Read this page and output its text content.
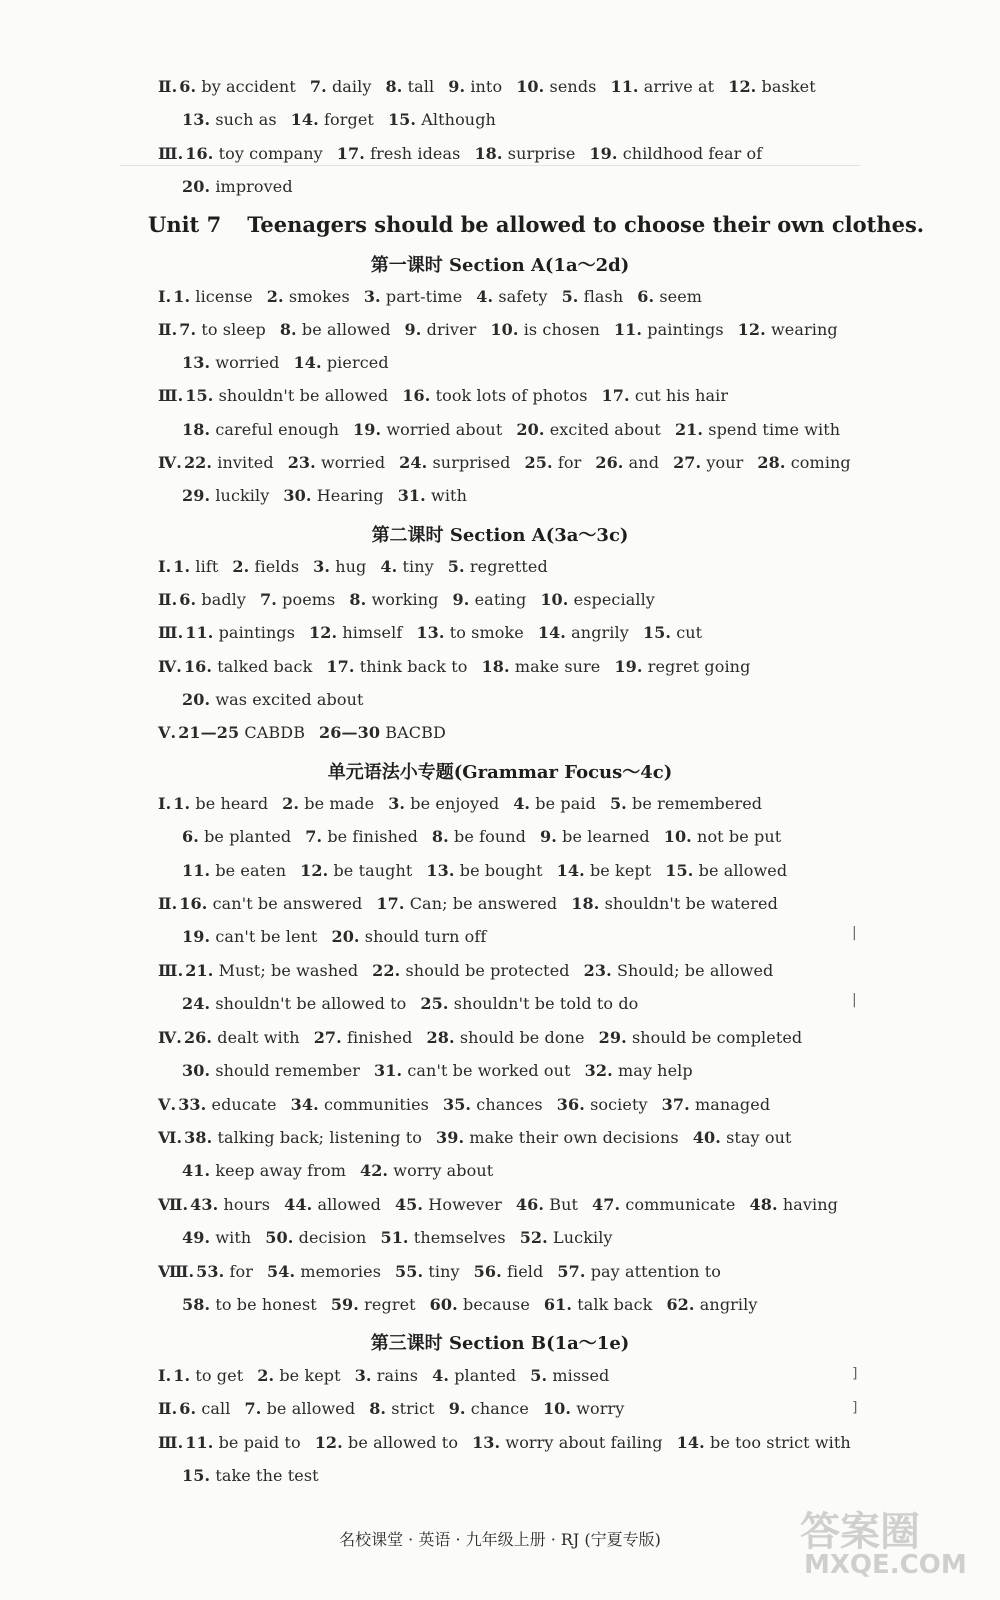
Unit 7 Teenagers should be allowed to choose their own clothes.
第一课时 Section A(1a～2d)
第二课时 Section A(3a～3c)
单元语法小专题(Grammar Focus～4c)
第三课时 Section B(1a～1e)
Ⅱ. 6. by accident 7. daily 8. tall 9. into 10. sends 11. arrive at 12. basket
13. such as 14. forget 15. Although
Ⅲ. 16. toy company 17. fresh ideas 18. surprise 19. childhood fear of
20. improved
Ⅰ. 1. license 2. smokes 3. part-time 4. safety 5. flash 6. seem
Ⅱ. 7. to sleep 8. be allowed 9. driver 10. is chosen 11. paintings 12. wearing
13. worried 14. pierced
Ⅲ. 15. shouldn't be allowed 16. took lots of photos 17. cut his hair
18. careful enough 19. worried about 20. excited about 21. spend time with
Ⅳ. 22. invited 23. worried 24. surprised 25. for 26. and 27. your 28. coming
29. luckily 30. Hearing 31. with
Ⅰ. 1. lift 2. fields 3. hug 4. tiny 5. regretted
Ⅱ. 6. badly 7. poems 8. working 9. eating 10. especially
Ⅲ. 11. paintings 12. himself 13. to smoke 14. angrily 15. cut
Ⅳ. 16. talked back 17. think back to 18. make sure 19. regret going
20. was excited about
Ⅴ. 21—25 CABDB 26—30 BACBD
Ⅰ. 1. be heard 2. be made 3. be enjoyed 4. be paid 5. be remembered
6. be planted 7. be finished 8. be found 9. be learned 10. not be put
11. be eaten 12. be taught 13. be bought 14. be kept 15. be allowed
Ⅱ. 16. can't be answered 17. Can; be answered 18. shouldn't be watered
19. can't be lent 20. should turn off
Ⅲ. 21. Must; be washed 22. should be protected 23. Should; be allowed
24. shouldn't be allowed to 25. shouldn't be told to do
Ⅳ. 26. dealt with 27. finished 28. should be done 29. should be completed
30. should remember 31. can't be worked out 32. may help
Ⅴ. 33. educate 34. communities 35. chances 36. society 37. managed
Ⅵ. 38. talking back; listening to 39. make their own decisions 40. stay out
41. keep away from 42. worry about
Ⅶ. 43. hours 44. allowed 45. However 46. But 47. communicate 48. having
49. with 50. decision 51. themselves 52. Luckily
Ⅷ. 53. for 54. memories 55. tiny 56. field 57. pay attention to
58. to be honest 59. regret 60. because 61. talk back 62. angrily
Ⅰ. 1. to get 2. be kept 3. rains 4. planted 5. missed
Ⅱ. 6. call 7. be allowed 8. strict 9. chance 10. worry
Ⅲ. 11. be paid to 12. be allowed to 13. worry about failing 14. be too strict with
15. take the test
]
]
|
|
名校课堂 · 英语 · 九年级上册 · RJ (宁夏专版)	答案圈
MXQE.COM
